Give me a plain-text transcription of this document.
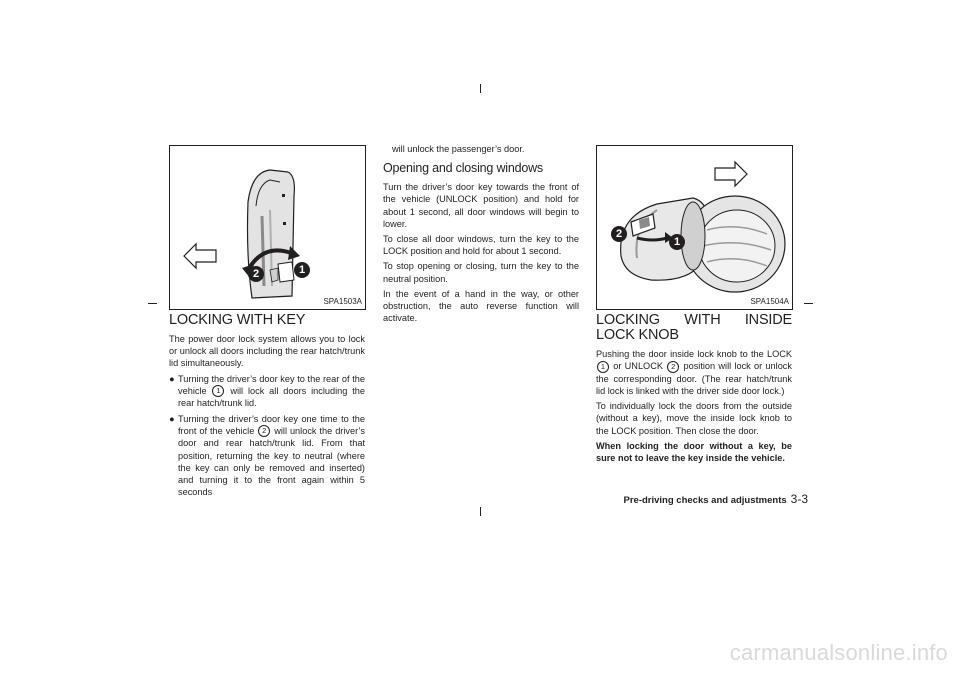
2	1
SPA1503A
2
1
SPA1504A
LOCKING WITH KEY

The power door lock system allows you to lock or unlock all doors including the rear hatch/trunk lid simultaneously.

● Turning the driver’s door key to the rear of the vehicle 1 will lock all doors including the rear hatch/trunk lid.
● Turning the driver’s door key one time to the front of the vehicle 2 will unlock the driver’s door and rear hatch/trunk lid. From that position, returning the key to neutral (where the key can only be removed and inserted) and turning it to the front again within 5 seconds

will unlock the passenger’s door.

Opening and closing windows

Turn the driver’s door key towards the front of the vehicle (UNLOCK position) and hold for about 1 second, all door windows will begin to lower.

To close all door windows, turn the key to the LOCK position and hold for about 1 second.

To stop opening or closing, turn the key to the neutral position.

In the event of a hand in the way, or other obstruction, the auto reverse function will activate.	LOCKING WITH INSIDE LOCK KNOB

Pushing the door inside lock knob to the LOCK 1 or UNLOCK 2 position will lock or unlock the corresponding door. (The rear hatch/trunk lid lock is linked with the driver side door lock.)

To individually lock the doors from the outside (without a key), move the inside lock knob to the LOCK position. Then close the door.

When locking the door without a key, be sure not to leave the key inside the vehicle.

Pre-driving checks and adjustments 3-3
carmanualsonline.info
